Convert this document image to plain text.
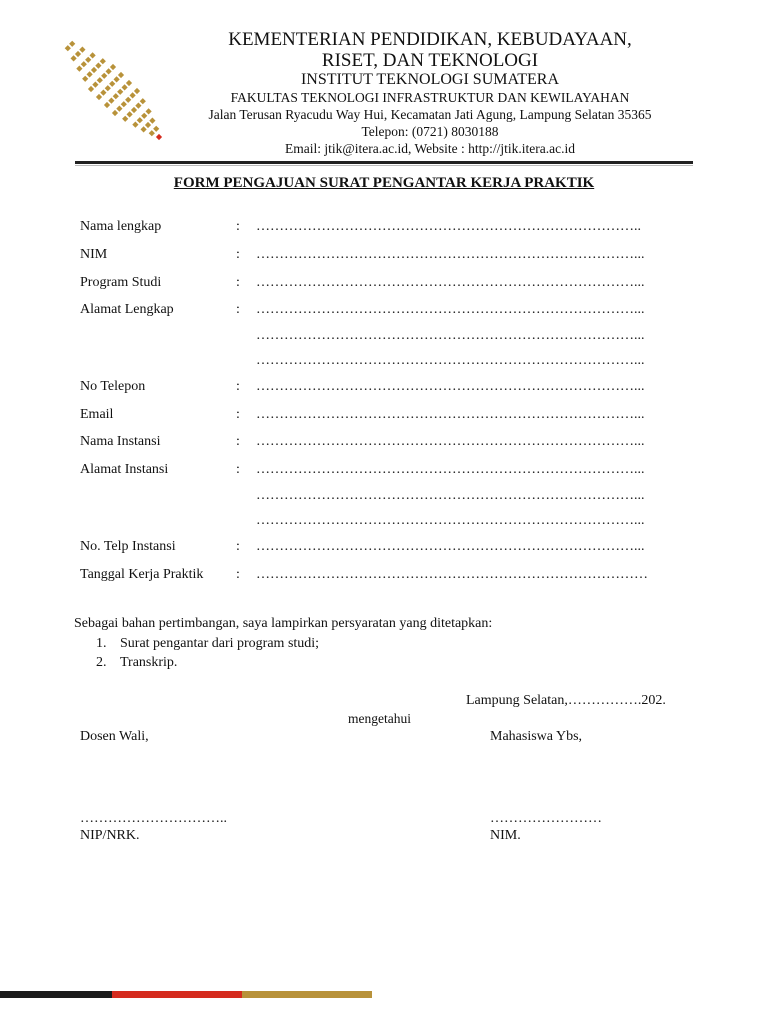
KEMENTERIAN PENDIDIKAN, KEBUDAYAAN,
RISET, DAN TEKNOLOGI
INSTITUT TEKNOLOGI SUMATERA
FAKULTAS TEKNOLOGI INFRASTRUKTUR DAN KEWILAYAHAN
Jalan Terusan Ryacudu Way Hui, Kecamatan Jati Agung, Lampung Selatan 35365
Telepon: (0721) 8030188
Email: jtik@itera.ac.id, Website : http://jtik.itera.ac.id
FORM PENGAJUAN SURAT PENGANTAR KERJA PRAKTIK
Nama lengkap	: ………………………………………………………………………..
NIM	: ………………………………………………………………………...
Program Studi	: ………………………………………………………………………...
Alamat Lengkap	: ………………………………………………………………………...
………………………………………………………………………...
………………………………………………………………………...
No Telepon	: ………………………………………………………………………...
Email	: ………………………………………………………………………...
Nama Instansi	: ………………………………………………………………………...
Alamat Instansi	: ………………………………………………………………………...
………………………………………………………………………...
………………………………………………………………………...
No. Telp Instansi	: ………………………………………………………………………...
Tanggal Kerja Praktik : …………………………………………………………………………
Sebagai bahan pertimbangan, saya lampirkan persyaratan yang ditetapkan:
1. Surat pengantar dari program studi;
2. Transkrip.
Lampung Selatan,…………….202.
mengetahui
Dosen Wali,	Mahasiswa Ybs,
…………………………..	……………………
NIP/NRK.	NIM.
